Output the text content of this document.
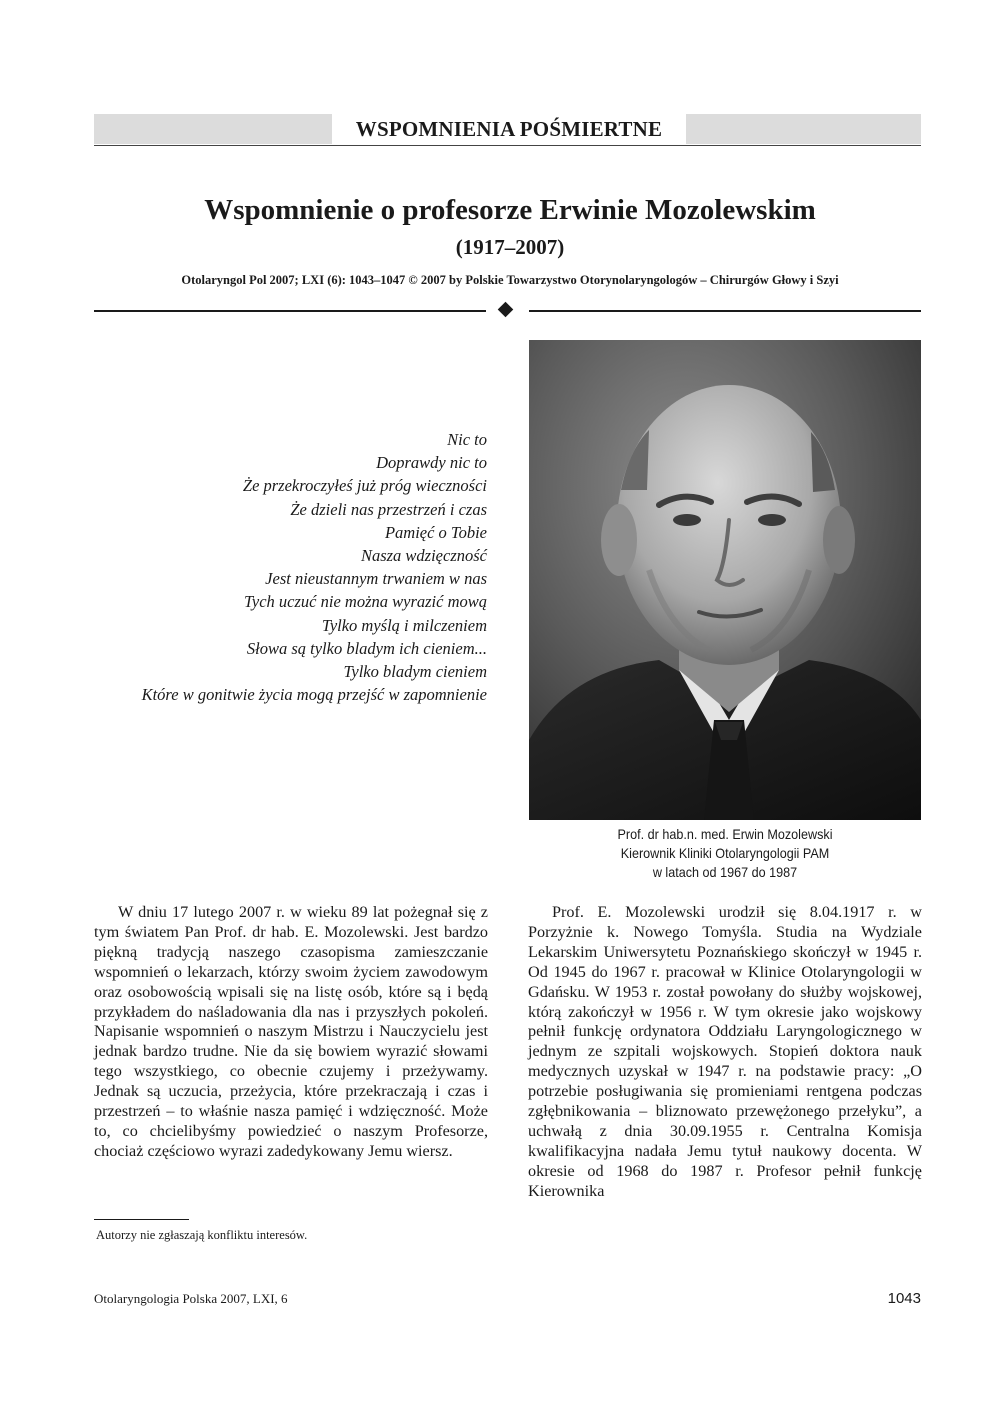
WSPOMNIENIA POŚMIERTNE
Wspomnienie o profesorze Erwinie Mozolewskim
(1917–2007)
Otolaryngol Pol 2007; LXI (6): 1043–1047 © 2007 by Polskie Towarzystwo Otorynolaryngologów – Chirurgów Głowy i Szyi
Nic to
Doprawdy nic to
Że przekroczyłeś już próg wieczności
Że dzieli nas przestrzeń i czas
Pamięć o Tobie
Nasza wdzięczność
Jest nieustannym trwaniem w nas
Tych uczuć nie można wyrazić mową
Tylko myślą i milczeniem
Słowa są tylko bladym ich cieniem...
Tylko bladym cieniem
Które w gonitwie życia mogą przejść w zapomnienie
Prof. dr hab.n. med. Erwin Mozolewski
Kierownik Kliniki Otolaryngologii PAM
w latach od 1967 do 1987

W dniu 17 lutego 2007 r. w wieku 89 lat pożegnał się z tym światem Pan Prof. dr hab. E. Mozolewski. Jest bardzo piękną tradycją naszego czasopisma zamieszczanie wspomnień o lekarzach, którzy swoim życiem zawodowym oraz osobowością wpisali się na listę osób, które są i będą przykładem do naśladowania dla nas i przyszłych pokoleń. Napisanie wspomnień o naszym Mistrzu i Nauczycielu jest jednak bardzo trudne. Nie da się bowiem wyrazić słowami tego wszystkiego, co obecnie czujemy i przeżywamy. Jednak są uczucia, przeżycia, które przekraczają i czas i przestrzeń – to właśnie nasza pamięć i wdzięczność. Może to, co chcielibyśmy powiedzieć o naszym Profesorze, chociaż częściowo wyrazi zadedykowany Jemu wiersz.

Prof. E. Mozolewski urodził się 8.04.1917 r. w Porzyżnie k. Nowego Tomyśla. Studia na Wydziale Lekarskim Uniwersytetu Poznańskiego skończył w 1945 r. Od 1945 do 1967 r. pracował w Klinice Otolaryngologii w Gdańsku. W 1953 r. został powołany do służby wojskowej, którą zakończył w 1956 r. W tym okresie jako wojskowy pełnił funkcję ordynatora Oddziału Laryngologicznego w jednym ze szpitali wojskowych. Stopień doktora nauk medycznych uzyskał w 1947 r. na podstawie pracy: „O potrzebie posługiwania się promieniami rentgena podczas zgłębnikowania – bliznowato przewężonego przełyku”, a uchwałą z dnia 30.09.1955 r. Centralna Komisja kwalifikacyjna nadała Jemu tytuł naukowy docenta. W okresie od 1968 do 1987 r. Profesor pełnił funkcję Kierownika

Autorzy nie zgłaszają konfliktu interesów.
Otolaryngologia Polska 2007, LXI, 6	1043
